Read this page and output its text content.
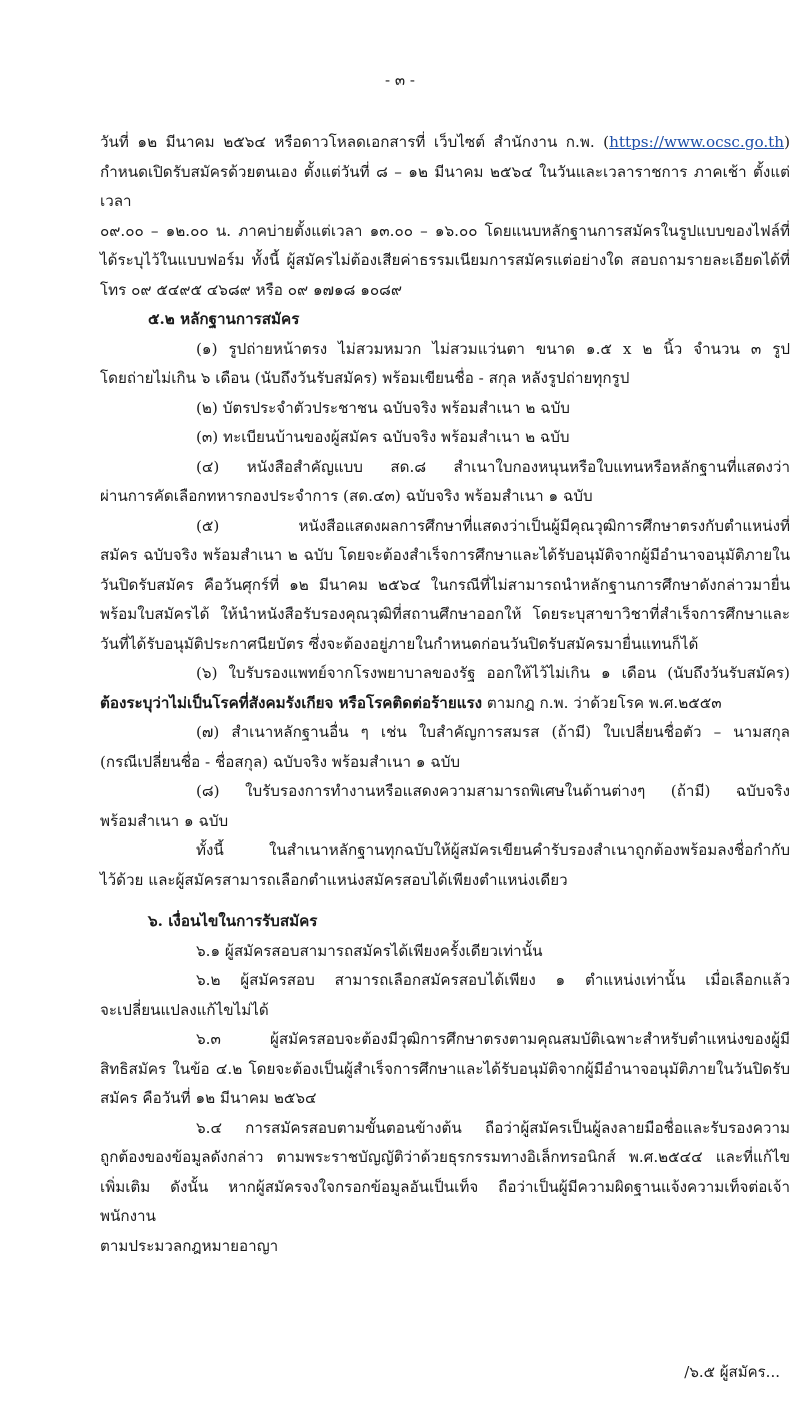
- ๓ -

วันที่ ๑๒ มีนาคม ๒๕๖๔ หรือดาวโหลดเอกสารที่ เว็บไซต์ สำนักงาน ก.พ. (https://www.ocsc.go.th)

กำหนดเปิดรับสมัครด้วยตนเอง ตั้งแต่วันที่ ๘ – ๑๒ มีนาคม ๒๕๖๔ ในวันและเวลาราชการ ภาคเช้า ตั้งแต่เวลา

๐๙.๐๐ – ๑๒.๐๐ น. ภาคบ่ายตั้งแต่เวลา ๑๓.๐๐ – ๑๖.๐๐ โดยแนบหลักฐานการสมัครในรูปแบบของไฟล์ที่

ได้ระบุไว้ในแบบฟอร์ม ทั้งนี้ ผู้สมัครไม่ต้องเสียค่าธรรมเนียมการสมัครแต่อย่างใด สอบถามรายละเอียดได้ที่

โทร ๐๙ ๕๔๙๕ ๔๖๘๙ หรือ ๐๙ ๑๗๑๘ ๑๐๘๙

๕.๒ หลักฐานการสมัคร

(๑) รูปถ่ายหน้าตรง ไม่สวมหมวก ไม่สวมแว่นตา ขนาด ๑.๕ x ๒ นิ้ว จำนวน ๓ รูป

โดยถ่ายไม่เกิน ๖ เดือน (นับถึงวันรับสมัคร) พร้อมเขียนชื่อ - สกุล หลังรูปถ่ายทุกรูป

(๒) บัตรประจำตัวประชาชน ฉบับจริง พร้อมสำเนา ๒ ฉบับ

(๓) ทะเบียนบ้านของผู้สมัคร ฉบับจริง พร้อมสำเนา ๒ ฉบับ

(๔) หนังสือสำคัญแบบ สด.๘ สำเนาใบกองหนุนหรือใบแทนหรือหลักฐานที่แสดงว่า

ผ่านการคัดเลือกทหารกองประจำการ (สด.๔๓) ฉบับจริง พร้อมสำเนา ๑ ฉบับ

(๕) หนังสือแสดงผลการศึกษาที่แสดงว่าเป็นผู้มีคุณวุฒิการศึกษาตรงกับตำแหน่งที่

สมัคร ฉบับจริง พร้อมสำเนา ๒ ฉบับ โดยจะต้องสำเร็จการศึกษาและได้รับอนุมัติจากผู้มีอำนาจอนุมัติภายใน

วันปิดรับสมัคร คือวันศุกร์ที่ ๑๒ มีนาคม ๒๕๖๔ ในกรณีที่ไม่สามารถนำหลักฐานการศึกษาดังกล่าวมายื่น

พร้อมใบสมัครได้ ให้นำหนังสือรับรองคุณวุฒิที่สถานศึกษาออกให้ โดยระบุสาขาวิชาที่สำเร็จการศึกษาและ

วันที่ได้รับอนุมัติประกาศนียบัตร ซึ่งจะต้องอยู่ภายในกำหนดก่อนวันปิดรับสมัครมายื่นแทนก็ได้

(๖) ใบรับรองแพทย์จากโรงพยาบาลของรัฐ ออกให้ไว้ไม่เกิน ๑ เดือน (นับถึงวันรับสมัคร)

ต้องระบุว่าไม่เป็นโรคที่สังคมรังเกียจ หรือโรคติดต่อร้ายแรง ตามกฎ ก.พ. ว่าด้วยโรค พ.ศ.๒๕๕๓

(๗) สำเนาหลักฐานอื่น ๆ เช่น ใบสำคัญการสมรส (ถ้ามี) ใบเปลี่ยนชื่อตัว – นามสกุล

(กรณีเปลี่ยนชื่อ - ชื่อสกุล) ฉบับจริง พร้อมสำเนา ๑ ฉบับ

(๘) ใบรับรองการทำงานหรือแสดงความสามารถพิเศษในด้านต่างๆ (ถ้ามี) ฉบับจริง

พร้อมสำเนา ๑ ฉบับ

ทั้งนี้ ในสำเนาหลักฐานทุกฉบับให้ผู้สมัครเขียนคำรับรองสำเนาถูกต้องพร้อมลงชื่อกำกับ

ไว้ด้วย และผู้สมัครสามารถเลือกตำแหน่งสมัครสอบได้เพียงตำแหน่งเดียว

๖. เงื่อนไขในการรับสมัคร

๖.๑ ผู้สมัครสอบสามารถสมัครได้เพียงครั้งเดียวเท่านั้น

๖.๒ ผู้สมัครสอบ สามารถเลือกสมัครสอบได้เพียง ๑ ตำแหน่งเท่านั้น เมื่อเลือกแล้ว

จะเปลี่ยนแปลงแก้ไขไม่ได้

๖.๓ ผู้สมัครสอบจะต้องมีวุฒิการศึกษาตรงตามคุณสมบัติเฉพาะสำหรับตำแหน่งของผู้มี

สิทธิสมัคร ในข้อ ๔.๒ โดยจะต้องเป็นผู้สำเร็จการศึกษาและได้รับอนุมัติจากผู้มีอำนาจอนุมัติภายในวันปิดรับ

สมัคร คือวันที่ ๑๒ มีนาคม ๒๕๖๔

๖.๔ การสมัครสอบตามขั้นตอนข้างต้น ถือว่าผู้สมัครเป็นผู้ลงลายมือชื่อและรับรองความ

ถูกต้องของข้อมูลดังกล่าว ตามพระราชบัญญัติว่าด้วยธุรกรรมทางอิเล็กทรอนิกส์ พ.ศ.๒๕๔๔ และที่แก้ไข

เพิ่มเติม ดังนั้น หากผู้สมัครจงใจกรอกข้อมูลอันเป็นเท็จ ถือว่าเป็นผู้มีความผิดฐานแจ้งความเท็จต่อเจ้าพนักงาน

ตามประมวลกฎหมายอาญา

/๖.๕ ผู้สมัคร...
